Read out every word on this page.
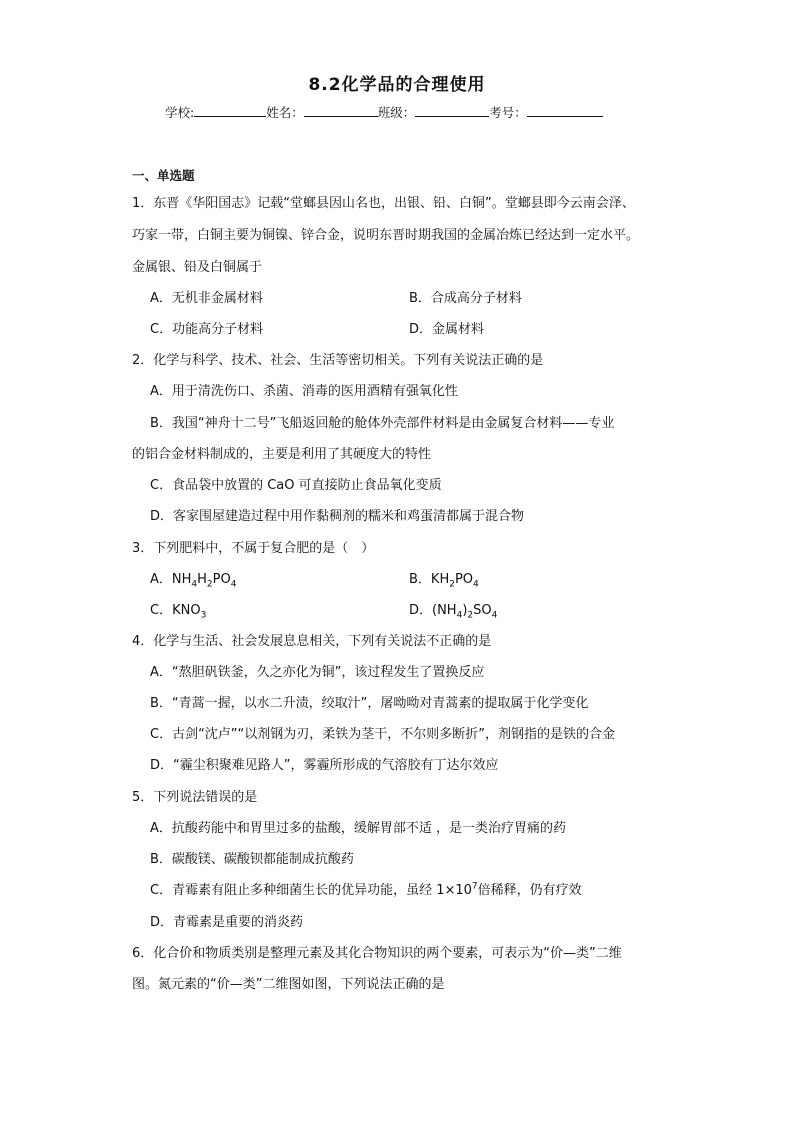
8.2化学品的合理使用
学校:	姓名：	班级：	考号：
一、单选题
1．东晋《华阳国志》记载“堂螂县因山名也，出银、铅、白铜”。堂螂县即今云南会泽、
巧家一带，白铜主要为铜镍、锌合金，说明东晋时期我国的金属冶炼已经达到一定水平。
金属银、铅及白铜属于
A．无机非金属材料	B．合成高分子材料
C．功能高分子材料	D．金属材料
2．化学与科学、技术、社会、生活等密切相关。下列有关说法正确的是
A．用于清洗伤口、杀菌、消毒的医用酒精有强氧化性
B．我国“神舟十二号”飞船返回舱的舱体外壳部件材料是由金属复合材料——专业
的铝合金材料制成的，主要是利用了其硬度大的特性
C．食品袋中放置的 CaO 可直接防止食品氧化变质
D．客家围屋建造过程中用作黏稠剂的糯米和鸡蛋清都属于混合物
3．下列肥料中，不属于复合肥的是（　）
A．$NH_4H_2PO_4$	B．$KH_2PO_4$
C．$KNO_3$	D．$(NH_4)_2SO_4$
4．化学与生活、社会发展息息相关，下列有关说法不正确的是
A．“熬胆矾铁釜，久之亦化为铜”，该过程发生了置换反应
B．“青蒿一握，以水二升渍，绞取汁”，屠呦呦对青蒿素的提取属于化学变化
C．古剑“沈卢”“以剂钢为刃，柔铁为茎干，不尔则多断折”，剂钢指的是铁的合金
D．“霾尘积聚难见路人”，雾霾所形成的气溶胶有丁达尔效应
5．下列说法错误的是
A．抗酸药能中和胃里过多的盐酸，缓解胃部不适 ，是一类治疗胃痛的药
B．碳酸镁、碳酸钡都能制成抗酸药
C．青霉素有阻止多种细菌生长的优异功能，虽经 $1\times 10^7$倍稀释，仍有疗效
D．青霉素是重要的消炎药
6．化合价和物质类别是整理元素及其化合物知识的两个要素，可表示为“价—类”二维
图。氮元素的“价—类”二维图如图，下列说法正确的是
